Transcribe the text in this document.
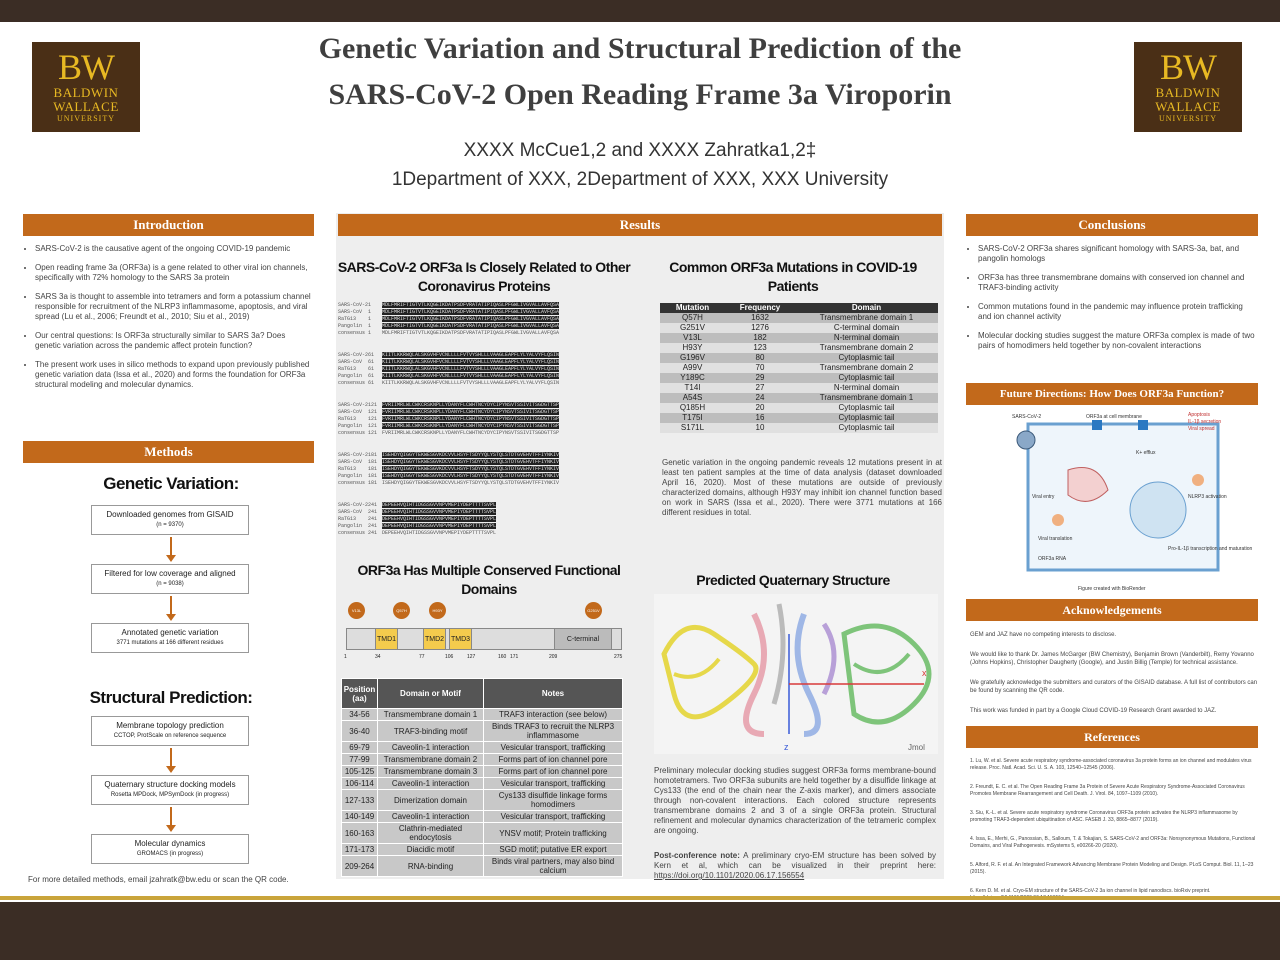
BW
BALDWIN
WALLACE
UNIVERSITY
BW
BALDWIN
WALLACE
UNIVERSITY
Genetic Variation and Structural Prediction of the
SARS-CoV-2 Open Reading Frame 3a Viroporin
XXXX McCue1,2 and XXXX Zahratka1,2‡
1Department of XXX, 2Department of XXX, XXX University
Introduction
• SARS-CoV-2 is the causative agent of the ongoing COVID-19 pandemic
• Open reading frame 3a (ORF3a) is a gene related to other viral ion channels, specifically with 72% homology to the SARS 3a protein
• SARS 3a is thought to assemble into tetramers and form a potassium channel responsible for recruitment of the NLRP3 inflammasome, apoptosis, and viral spread (Lu et al., 2006; Freundt et al., 2010; Siu et al., 2019)
• Our central questions: Is ORF3a structurally similar to SARS 3a? Does genetic variation across the pandemic affect protein function?
• The present work uses in silico methods to expand upon previously published genetic variation data (Issa et al., 2020) and forms the foundation for ORF3a structural modeling and molecular dynamics.
Methods
Genetic Variation:
Downloaded genomes from GISAID
(n = 9370)
Filtered for low coverage and aligned
(n = 9038)
Annotated genetic variation
3771 mutations at 166 different residues
Structural Prediction:
Membrane topology prediction
CCTOP, ProtScale on reference sequence
Quaternary structure docking models
Rosetta MPDock, MPSymDock (in progress)
Molecular dynamics
GROMACS (in progress)
For more detailed methods, email jzahratk@bw.edu or scan the QR code.
Results
SARS-CoV-2 ORF3a Is Closely Related to Other Coronavirus Proteins
SARS-CoV-21 MDLFMRIFTIGTVTLKQGEIKDATPSDFVRATATIPIQASLPFGWLIVGVALLAVFQSA
SARS-CoV 1 MDLFMRIFTIGTVTLKQGEIKDATPSDFVRATATIPIQASLPFGWLIVGVALLAVFQSA
RaTG13 1 MDLFMRIFTIGTVTLKQGEIKDATPSDFVRATATIPIQASLPFGWLIVGVALLAVFQSA
Pangolin 1 MDLFMRIFTIGTVTLKQGEIKDATPSDFVRATATIPIQASLPFGWLIVGVALLAVFQSA
consensus 1 MDLFMRIFTIGTVTLKQGEIKDATPSDFVRATATIPIQASLPFGWLIVGVALLAVFQSA
SARS-CoV-261 KIITLKKRWQLALSKGVHFVCNLLLLFVTVYSHLLLVAAGLEAPFLYLYALVYFLQSIN
SARS-CoV 61 KIITLKKRWQLALSKGVHFVCNLLLLFVTVYSHLLLVAAGLEAPFLYLYALVYFLQSIN
RaTG13 61 KIITLKKRWQLALSKGVHFVCNLLLLFVTVYSHLLLVAAGLEAPFLYLYALVYFLQSIN
Pangolin 61 KIITLKKRWQLALSKGVHFVCNLLLLFVTVYSHLLLVAAGLEAPFLYLYALVYFLQSIN
consensus 61 KIITLKKRWQLALSKGVHFVCNLLLLFVTVYSHLLLVAAGLEAPFLYLYALVYFLQSIN
SARS-CoV-2121 FVRIIMRLWLCWKCRSKNPLLYDANYFLCWHTNCYDYCIPYNSVTSSIVITSGDGTTSP
SARS-CoV 121 FVRIIMRLWLCWKCRSKNPLLYDANYFLCWHTNCYDYCIPYNSVTSSIVITSGDGTTSP
RaTG13 121 FVRIIMRLWLCWKCRSKNPLLYDANYFLCWHTNCYDYCIPYNSVTSSIVITSGDGTTSP
Pangolin 121 FVRIIMRLWLCWKCRSKNPLLYDANYFLCWHTNCYDYCIPYNSVTSSIVITSGDGTTSP
consensus 121 FVRIIMRLWLCWKCRSKNPLLYDANYFLCWHTNCYDYCIPYNSVTSSIVITSGDGTTSP
SARS-CoV-2181 ISEHDYQIGGYTEKWESGVKDCVVLHSYFTSDYYQLYSTQLSTDTGVEHVTFFIYNKIV
SARS-CoV 181 ISEHDYQIGGYTEKWESGVKDCVVLHSYFTSDYYQLYSTQLSTDTGVEHVTFFIYNKIV
RaTG13 181 ISEHDYQIGGYTEKWESGVKDCVVLHSYFTSDYYQLYSTQLSTDTGVEHVTFFIYNKIV
Pangolin 181 ISEHDYQIGGYTEKWESGVKDCVVLHSYFTSDYYQLYSTQLSTDTGVEHVTFFIYNKIV
consensus 181 ISEHDYQIGGYTEKWESGVKDCVVLHSYFTSDYYQLYSTQLSTDTGVEHVTFFIYNKIV
SARS-CoV-2241 DEPEEHVQIHTIDGSSGVVNPVMEPIYDEPTTTTSVPL
SARS-CoV 241 DEPEEHVQIHTIDGSSGVVNPVMEPIYDEPTTTTSVPL
RaTG13 241 DEPEEHVQIHTIDGSSGVVNPVMEPIYDEPTTTTSVPL
Pangolin 241 DEPEEHVQIHTIDGSSGVVNPVMEPIYDEPTTTTSVPL
consensus 241 DEPEEHVQIHTIDGSSGVVNPVMEPIYDEPTTTTSVPL
ORF3a Has Multiple Conserved Functional Domains
TMD1	TMD2 TMD3	C-terminal
V13L	Q57H	H93Y	G251V
1	34	77	106	127	160 171	209	275
Position (aa)	Domain or Motif	Notes
34-56	Transmembrane domain 1	TRAF3 interaction (see below)
36-40	TRAF3-binding motif	Binds TRAF3 to recruit the NLRP3 inflammasome
69-79	Caveolin-1 interaction	Vesicular transport, trafficking
77-99	Transmembrane domain 2	Forms part of ion channel pore
105-125	Transmembrane domain 3	Forms part of ion channel pore
106-114	Caveolin-1 interaction	Vesicular transport, trafficking
127-133	Dimerization domain	Cys133 disulfide linkage forms homodimers
140-149	Caveolin-1 interaction	Vesicular transport, trafficking
160-163	Clathrin-mediated endocytosis	YNSV motif; Protein trafficking
171-173	Diacidic motif	SGD motif; putative ER export
209-264	RNA-binding	Binds viral partners, may also bind calcium
Common ORF3a Mutations in COVID-19 Patients
Mutation	Frequency	Domain
Q57H	1632	Transmembrane domain 1
G251V	1276	C-terminal domain
V13L	182	N-terminal domain
H93Y	123	Transmembrane domain 2
G196V	80	Cytoplasmic tail
A99V	70	Transmembrane domain 2
Y189C	29	Cytoplasmic tail
T14I	27	N-terminal domain
A54S	24	Transmembrane domain 1
Q185H	20	Cytoplasmic tail
T175I	16	Cytoplasmic tail
S171L	10	Cytoplasmic tail
Genetic variation in the ongoing pandemic reveals 12 mutations present in at least ten patient samples at the time of data analysis (dataset downloaded April 16, 2020). Most of these mutations are outside of previously characterized domains, although H93Y may inhibit ion channel function based on work in SARS (Issa et al., 2020). There were 3771 mutations at 166 different residues in total.
Predicted Quaternary Structure
z
x
Jmol
Preliminary molecular docking studies suggest ORF3a forms membrane-bound homotetramers. Two ORF3a subunits are held together by a disulfide linkage at Cys133 (the end of the chain near the Z-axis marker), and dimers associate through non-covalent interactions. Each colored structure represents transmembrane domains 2 and 3 of a single ORF3a protein. Structural refinement and molecular dynamics characterization of the tetrameric complex are ongoing.
Post-conference note: A preliminary cryo-EM structure has been solved by Kern et al, which can be visualized in their preprint here: https://doi.org/10.1101/2020.06.17.156554
Conclusions
• SARS-CoV-2 ORF3a shares significant homology with SARS-3a, bat, and pangolin homologs
• ORF3a has three transmembrane domains with conserved ion channel and TRAF3-binding activity
• Common mutations found in the pandemic may influence protein trafficking and ion channel activity
• Molecular docking studies suggest the mature ORF3a complex is made of two pairs of homodimers held together by non-covalent interactions
Future Directions: How Does ORF3a Function?
SARS-CoV-2	ORF3a at cell membrane	Apoptosis
IL-1β secretion
Viral spread
Viral entry
K+ efflux
NLRP3 activation
Pro-IL-1β transcription and maturation
Viral translation
ORF3a RNA
Figure created with BioRender
Acknowledgements
GEM and JAZ have no competing interests to disclose.
We would like to thank Dr. James McGarger (BW Chemistry), Benjamin Brown (Vanderbilt), Remy Yovanno (Johns Hopkins), Christopher Daugherty (Google), and Justin Billig (Temple) for technical assistance.
We gratefully acknowledge the submitters and curators of the GISAID database. A full list of contributors can be found by scanning the QR code.
This work was funded in part by a Google Cloud COVID-19 Research Grant awarded to JAZ.
References
1. Lu, W. et al. Severe acute respiratory syndrome-associated coronavirus 3a protein forms an ion channel and modulates virus release. Proc. Natl. Acad. Sci. U. S. A. 103, 12540–12545 (2006).
2. Freundt, E. C. et al. The Open Reading Frame 3a Protein of Severe Acute Respiratory Syndrome-Associated Coronavirus Promotes Membrane Rearrangement and Cell Death. J. Virol. 84, 1097–1109 (2010).
3. Siu, K.-L. et al. Severe acute respiratory syndrome Coronavirus ORF3a protein activates the NLRP3 inflammasome by promoting TRAF3-dependent ubiquitination of ASC. FASEB J. 33, 8865–8877 (2019).
4. Issa, E., Merhi, G., Panossian, B., Salloum, T. & Tokajian, S. SARS-CoV-2 and ORF3a: Nonsynonymous Mutations, Functional Domains, and Viral Pathogenesis. mSystems 5, e00266-20 (2020).
5. Alford, R. F. et al. An Integrated Framework Advancing Membrane Protein Modeling and Design. PLoS Comput. Biol. 11, 1–23 (2015).
6. Kern D. M. et al. Cryo-EM structure of the SARS-CoV-2 3a ion channel in lipid nanodiscs. bioRxiv preprint.
